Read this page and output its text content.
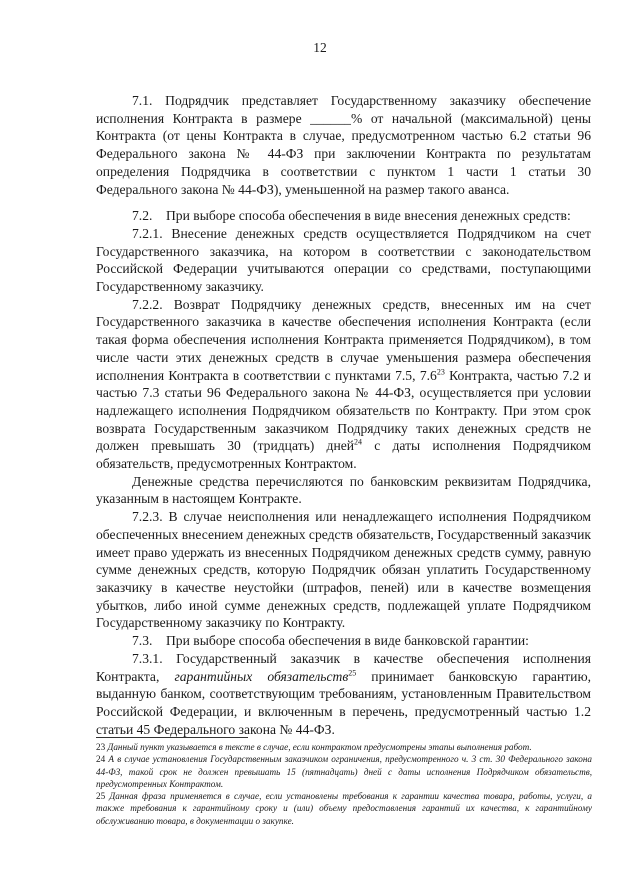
12

7.1. Подрядчик представляет Государственному заказчику обеспечение исполнения Контракта в размере ______% от начальной (максимальной) цены Контракта (от цены Контракта в случае, предусмотренном частью 6.2 статьи 96 Федерального закона № 44-ФЗ при заключении Контракта по результатам определения Подрядчика в соответствии с пунктом 1 части 1 статьи 30 Федерального закона № 44-ФЗ), уменьшенной на размер такого аванса.

7.2.    При выборе способа обеспечения в виде внесения денежных средств:

7.2.1. Внесение денежных средств осуществляется Подрядчиком на счет Государственного заказчика, на котором в соответствии с законодательством Российской Федерации учитываются операции со средствами, поступающими Государственному заказчику.

7.2.2. Возврат Подрядчику денежных средств, внесенных им на счет Государственного заказчика в качестве обеспечения исполнения Контракта (если такая форма обеспечения исполнения Контракта применяется Подрядчиком), в том числе части этих денежных средств в случае уменьшения размера обеспечения исполнения Контракта в соответствии с пунктами 7.5, $7.6^{23}$ Контракта, частью 7.2 и частью 7.3 статьи 96 Федерального закона № 44-ФЗ, осуществляется при условии надлежащего исполнения Подрядчиком обязательств по Контракту. При этом срок возврата Государственным заказчиком Подрядчику таких денежных средств не должен превышать 30 (тридцать) дней$^{24}$ с даты исполнения Подрядчиком обязательств, предусмотренных Контрактом.

Денежные средства перечисляются по банковским реквизитам Подрядчика, указанным в настоящем Контракте.

7.2.3. В случае неисполнения или ненадлежащего исполнения Подрядчиком обеспеченных внесением денежных средств обязательств, Государственный заказчик имеет право удержать из внесенных Подрядчиком денежных средств сумму, равную сумме денежных средств, которую Подрядчик обязан уплатить Государственному заказчику в качестве неустойки (штрафов, пеней) или в качестве возмещения убытков, либо иной сумме денежных средств, подлежащей уплате Подрядчиком Государственному заказчику по Контракту.

7.3.    При выборе способа обеспечения в виде банковской гарантии:

7.3.1. Государственный заказчик в качестве обеспечения исполнения Контракта, гарантийных обязательств$^{25}$ принимает банковскую гарантию, выданную банком, соответствующим требованиям, установленным Правительством Российской Федерации, и включенным в перечень, предусмотренный частью 1.2 статьи 45 Федерального закона № 44-ФЗ.

23 Данный пункт указывается в тексте в случае, если контрактом предусмотрены этапы выполнения работ.

24 А в случае установления Государственным заказчиком ограничения, предусмотренного ч. 3 ст. 30 Федерального закона 44-ФЗ, такой срок не должен превышать 15 (пятнадцать) дней с даты исполнения Подрядчиком обязательств, предусмотренных Контрактом.

25 Данная фраза применяется в случае, если установлены требования к гарантии качества товара, работы, услуги, а также требования к гарантийному сроку и (или) объему предоставления гарантий их качества, к гарантийному обслуживанию товара, в документации о закупке.
